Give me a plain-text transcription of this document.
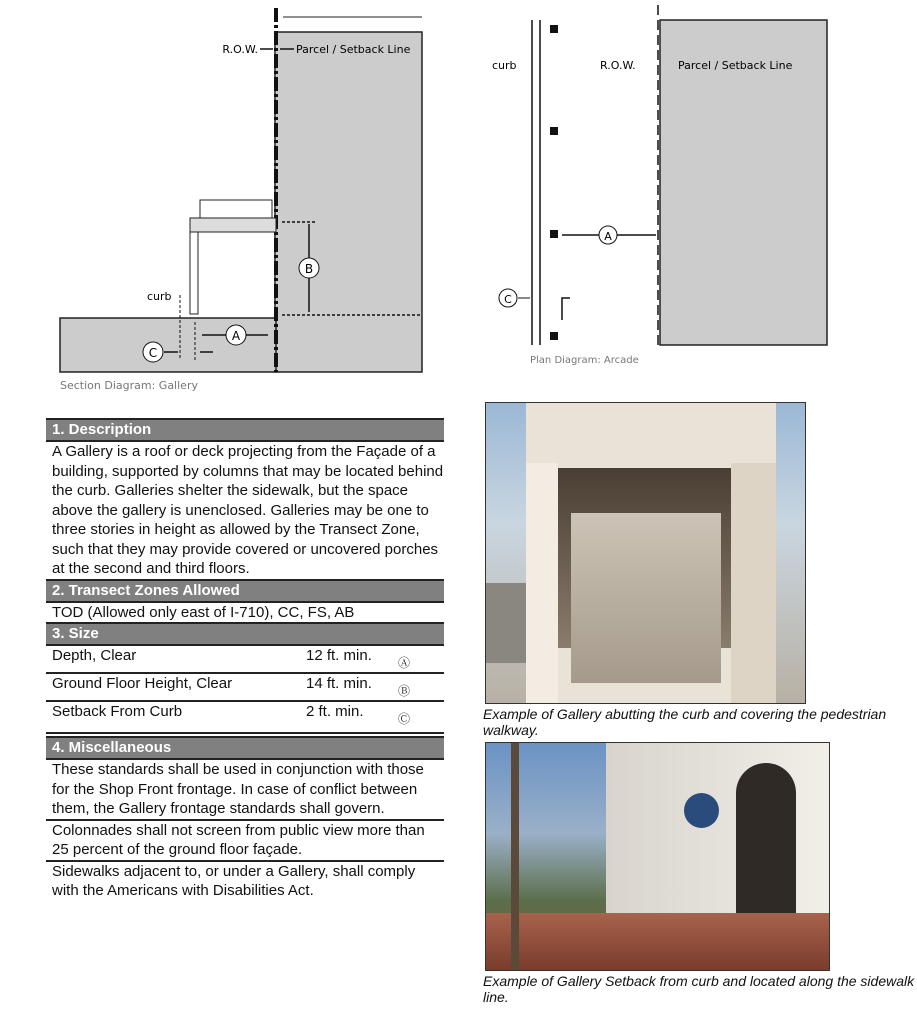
B
A
C
R.O.W.	Parcel / Setback Line
curb
Section Diagram: Gallery
A
C
curb	R.O.W.	Parcel / Setback Line
Plan Diagram: Arcade
1. Description
A Gallery is a roof or deck projecting from the Façade of a building, supported by columns that may be located behind the curb. Galleries shelter the sidewalk, but the space above the gallery is unenclosed. Galleries may be one to three stories in height as allowed by the Transect Zone, such that they may provide covered or uncovered porches at the second and third floors.
2. Transect Zones Allowed
TOD (Allowed only east of I-710), CC, FS, AB
3. Size
Depth, Clear	12 ft. min.	Ⓐ
Ground Floor Height, Clear	14 ft. min.	Ⓑ
Setback From Curb	2 ft. min.	Ⓒ
4. Miscellaneous
These standards shall be used in conjunction with those for the Shop Front frontage. In case of conflict between them, the Gallery frontage standards shall govern.
Colonnades shall not screen from public view more than 25 percent of the ground floor façade.
Sidewalks adjacent to, or under a Gallery, shall comply with the Americans with Disabilities Act.
Example of Gallery abutting the curb and covering the pedestrian walkway.
Example of Gallery Setback from curb and located along the sidewalk line.
